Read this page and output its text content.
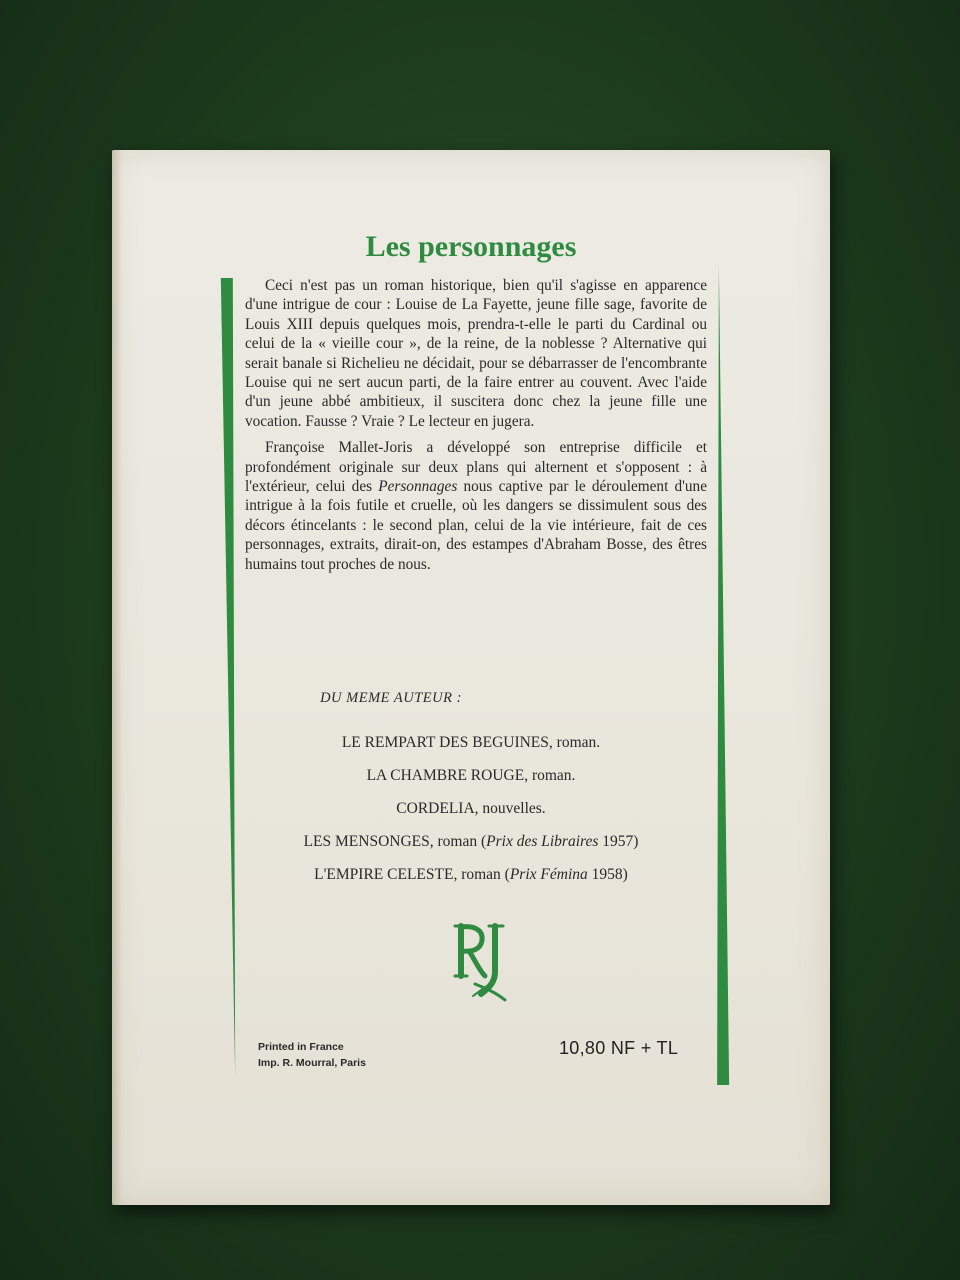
Les personnages

Ceci n'est pas un roman historique, bien qu'il s'agisse en apparence d'une intrigue de cour : Louise de La Fayette, jeune fille sage, favorite de Louis XIII depuis quelques mois, prendra-t-elle le parti du Cardinal ou celui de la « vieille cour », de la reine, de la noblesse ? Alternative qui serait banale si Richelieu ne décidait, pour se débarrasser de l'encombrante Louise qui ne sert aucun parti, de la faire entrer au couvent. Avec l'aide d'un jeune abbé ambitieux, il suscitera donc chez la jeune fille une vocation. Fausse ? Vraie ? Le lecteur en jugera.

Françoise Mallet-Joris a développé son entreprise difficile et profondément originale sur deux plans qui alternent et s'opposent : à l'extérieur, celui des Personnages nous captive par le déroulement d'une intrigue à la fois futile et cruelle, où les dangers se dissimulent sous des décors étincelants : le second plan, celui de la vie intérieure, fait de ces personnages, extraits, dirait-on, des estampes d'Abraham Bosse, des êtres humains tout proches de nous.

DU MEME AUTEUR :
LE REMPART DES BEGUINES, roman.
LA CHAMBRE ROUGE, roman.
CORDELIA, nouvelles.
LES MENSONGES, roman (Prix des Libraires 1957)
L'EMPIRE CELESTE, roman (Prix Fémina 1958)
Printed in France
Imp. R. Mourral, Paris
10,80 NF + TL
